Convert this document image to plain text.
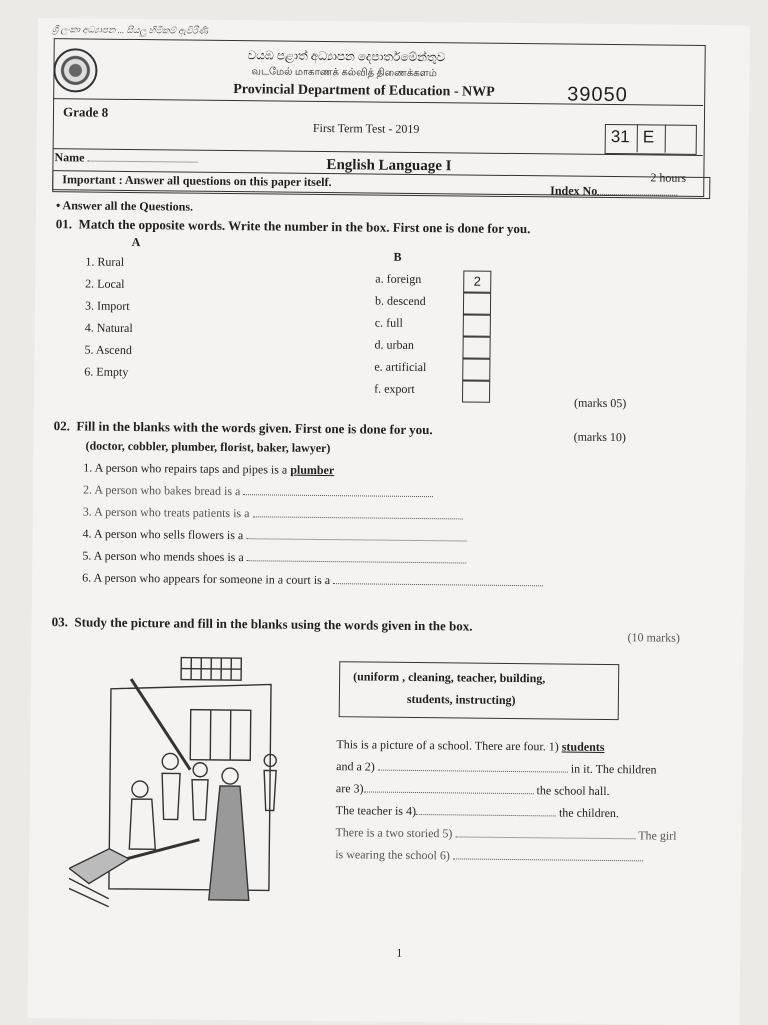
ශ්‍රී ලංකා අධ්‍යාපන ... සියලු හිමිකම් ඇවිරිණි
වයඹ පළාත් අධ්‍යාපන දෙපාර්තමේන්තුව
வடமேல் மாகாணக் கல்வித் திணைக்களம்
Provincial Department of Education - NWP	39050
Grade 8
First Term Test - 2019	31 E
Name	English Language I
2 hours
Important : Answer all questions on this paper itself.
Index No
• Answer all the Questions.
01. Match the opposite words. Write the number in the box. First one is done for you.
A
B
1. Rural
2. Local
3. Import
4. Natural
5. Ascend
6. Empty
a. foreign
b. descend
c. full
d. urban
e. artificial
f. export
2
(marks 05)
02. Fill in the blanks with the words given. First one is done for you.	(marks 10)
(doctor, cobbler, plumber, florist, baker, lawyer)
1. A person who repairs taps and pipes is a plumber
2. A person who bakes bread is a
3. A person who treats patients is a
4. A person who sells flowers is a
5. A person who mends shoes is a
6. A person who appears for someone in a court is a
03. Study the picture and fill in the blanks using the words given in the box.
(10 marks)
(uniform , cleaning, teacher, building,
students, instructing)
This is a picture of a school. There are four. 1) students
and a 2)	in it. The children
are 3)	the school hall.
The teacher is 4)	the children.
There is a two storied 5)	The girl
is wearing the school 6)
1
